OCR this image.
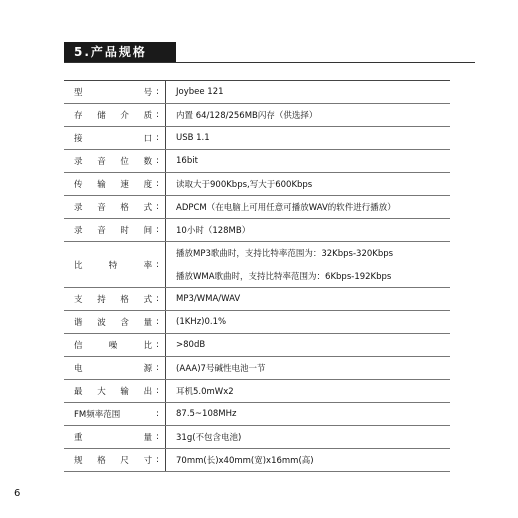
5.产品规格
型	号 : Joybee 121
存 储 介 质 : 内置 64/128/256MB闪存（供选择）
接	口 : USB 1.1
录 音 位 数 : 16bit
传 输 速 度 : 读取大于900Kbps,写大于600Kbps
录 音 格 式 : ADPCM（在电脑上可用任意可播放WAV的软件进行播放）
录 音 时 间 : 10小时（128MB）
比	特	率 :
播放MP3歌曲时，支持比特率范围为：32Kbps-320Kbps
播放WMA歌曲时，支持比特率范围为：6Kbps-192Kbps
支 持 格 式 : MP3/WMA/WAV
谐 波 含 量 : (1KHz)0.1%
信	噪	比 : >80dB
电	源 : (AAA)7号碱性电池一节
最 大 输 出 : 耳机5.0mWx2
FM频率范围	: 87.5~108MHz
重	量 : 31g(不包含电池)
规 格 尺 寸 : 70mm(长)x40mm(宽)x16mm(高)
6
